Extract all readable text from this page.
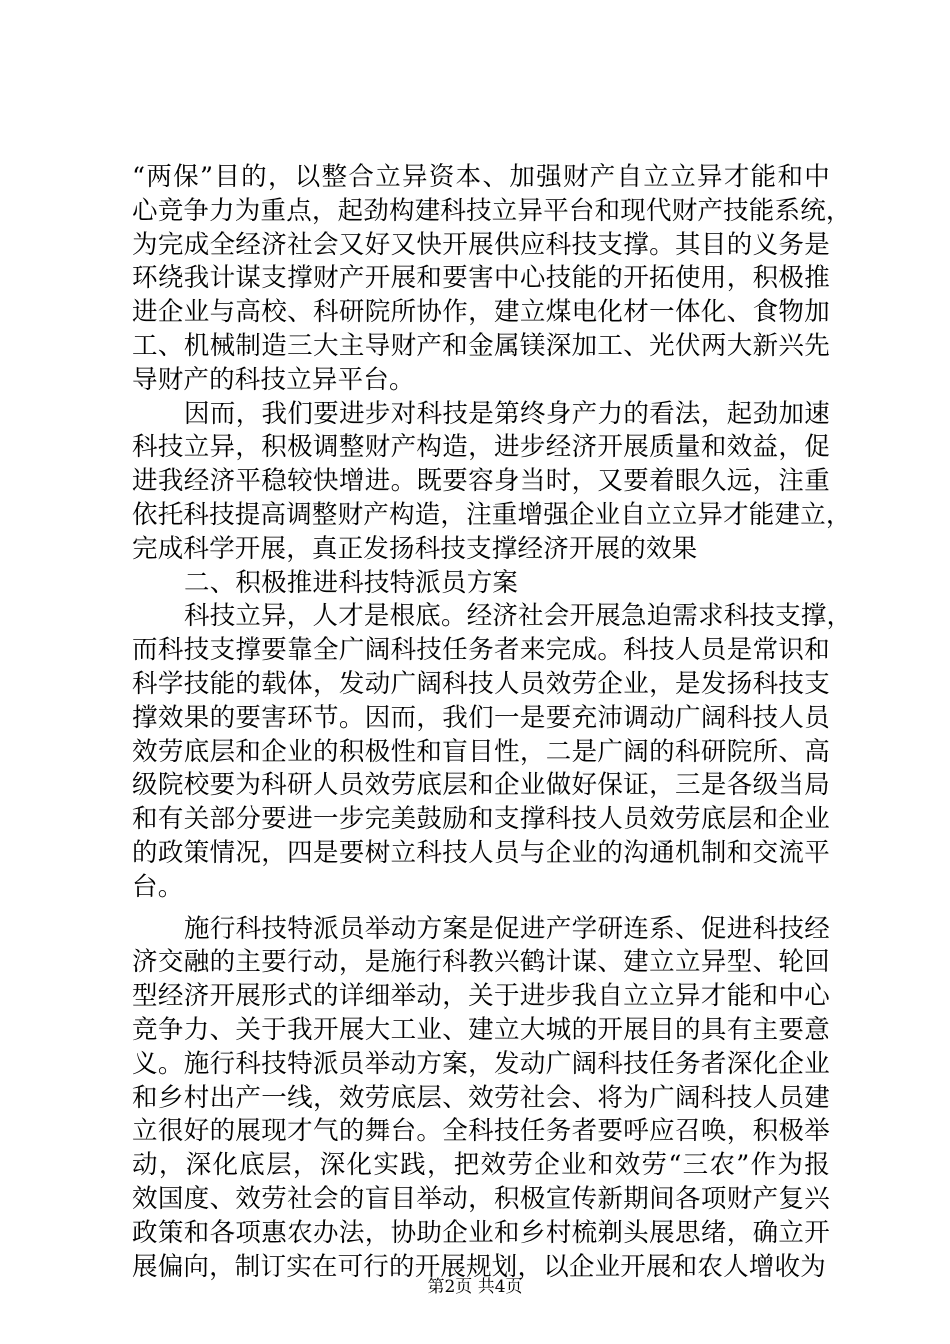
“两保”目的，以整合立异资本、加强财产自立立异才能和中
心竞争力为重点，起劲构建科技立异平台和现代财产技能系统，
为完成全经济社会又好又快开展供应科技支撑。其目的义务是
环绕我计谋支撑财产开展和要害中心技能的开拓使用，积极推
进企业与高校、科研院所协作，建立煤电化材一体化、食物加
工、机械制造三大主导财产和金属镁深加工、光伏两大新兴先
导财产的科技立异平台。
因而，我们要进步对科技是第终身产力的看法，起劲加速
科技立异，积极调整财产构造，进步经济开展质量和效益，促
进我经济平稳较快增进。既要容身当时，又要着眼久远，注重
依托科技提高调整财产构造，注重增强企业自立立异才能建立，
完成科学开展，真正发扬科技支撑经济开展的效果
二、积极推进科技特派员方案
科技立异，人才是根底。经济社会开展急迫需求科技支撑，
而科技支撑要靠全广阔科技任务者来完成。科技人员是常识和
科学技能的载体，发动广阔科技人员效劳企业，是发扬科技支
撑效果的要害环节。因而，我们一是要充沛调动广阔科技人员
效劳底层和企业的积极性和盲目性，二是广阔的科研院所、高
级院校要为科研人员效劳底层和企业做好保证，三是各级当局
和有关部分要进一步完美鼓励和支撑科技人员效劳底层和企业
的政策情况，四是要树立科技人员与企业的沟通机制和交流平
台。
施行科技特派员举动方案是促进产学研连系、促进科技经
济交融的主要行动，是施行科教兴鹤计谋、建立立异型、轮回
型经济开展形式的详细举动，关于进步我自立立异才能和中心
竞争力、关于我开展大工业、建立大城的开展目的具有主要意
义。施行科技特派员举动方案，发动广阔科技任务者深化企业
和乡村出产一线，效劳底层、效劳社会、将为广阔科技人员建
立很好的展现才气的舞台。全科技任务者要呼应召唤，积极举
动，深化底层，深化实践，把效劳企业和效劳“三农”作为报
效国度、效劳社会的盲目举动，积极宣传新期间各项财产复兴
政策和各项惠农办法，协助企业和乡村梳剃头展思绪，确立开
展偏向，制订实在可行的开展规划，以企业开展和农人增收为
第2页 共4页
